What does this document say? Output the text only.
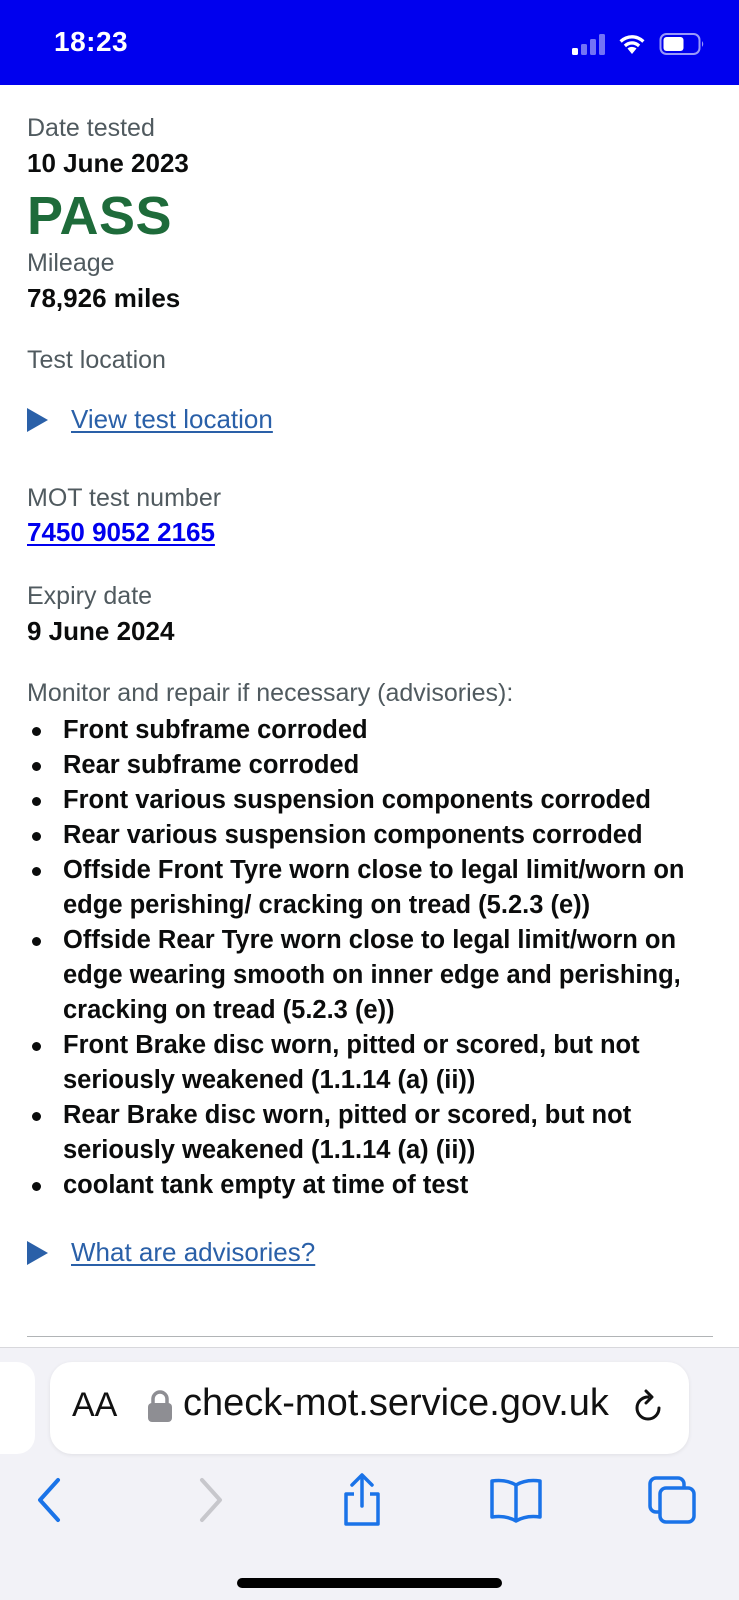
18:23
Date tested
10 June 2023
PASS
Mileage
78,926 miles
Test location
View test location
MOT test number
7450 9052 2165
Expiry date
9 June 2024
Monitor and repair if necessary (advisories):
Front subframe corroded
Rear subframe corroded
Front various suspension components corroded
Rear various suspension components corroded
Offside Front Tyre worn close to legal limit/worn on edge perishing/ cracking on tread (5.2.3 (e))
Offside Rear Tyre worn close to legal limit/worn on edge wearing smooth on inner edge and perishing, cracking on tread (5.2.3 (e))
Front Brake disc worn, pitted or scored, but not seriously weakened (1.1.14 (a) (ii))
Rear Brake disc worn, pitted or scored, but not seriously weakened (1.1.14 (a) (ii))
coolant tank empty at time of test
What are advisories?
AA check-mot.service.gov.uk
